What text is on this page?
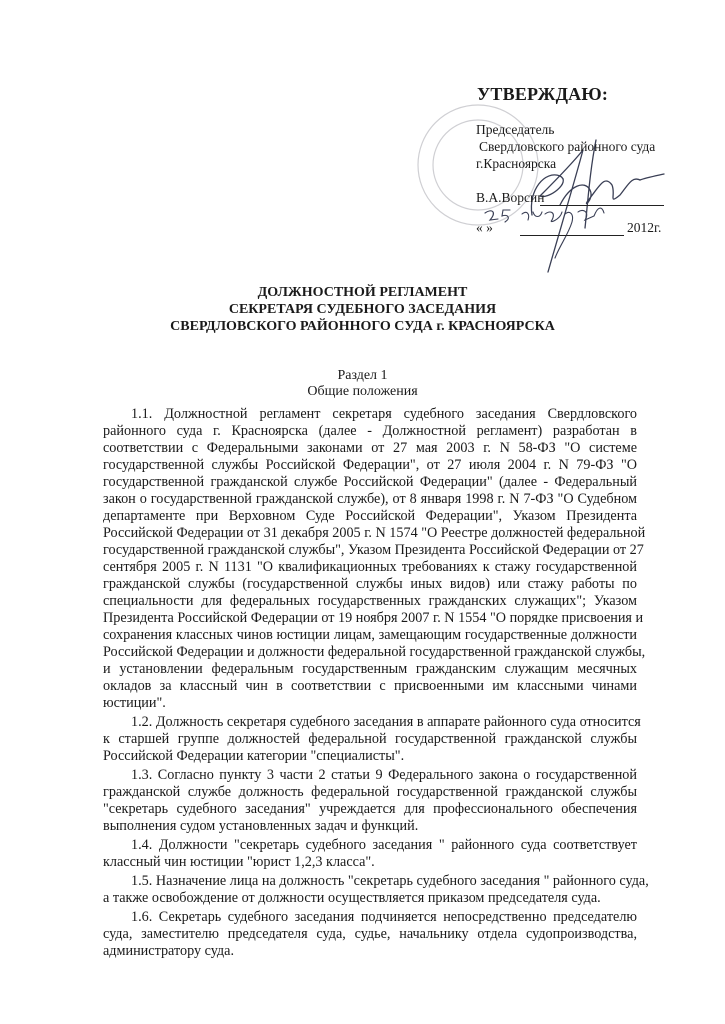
УТВЕРЖДАЮ:
Председатель
Свердловского районного суда
г.Красноярска
В.А.Ворсин
« »	2012г.
ДОЛЖНОСТНОЙ РЕГЛАМЕНТ
СЕКРЕТАРЯ СУДЕБНОГО ЗАСЕДАНИЯ
СВЕРДЛОВСКОГО РАЙОННОГО СУДА г. КРАСНОЯРСКА
Раздел 1
Общие положения
1.1. Должностной регламент секретаря судебного заседания Свердловского
районного суда г. Красноярска (далее - Должностной регламент) разработан в
соответствии с Федеральными законами от 27 мая 2003 г. N 58-ФЗ "О системе
государственной службы Российской Федерации", от 27 июля 2004 г. N 79-ФЗ "О
государственной гражданской службе Российской Федерации" (далее - Федеральный
закон о государственной гражданской службе), от 8 января 1998 г. N 7-ФЗ "О Судебном
департаменте при Верховном Суде Российской Федерации", Указом Президента
Российской Федерации от 31 декабря 2005 г. N 1574 "О Реестре должностей федеральной
государственной гражданской службы", Указом Президента Российской Федерации от 27
сентября 2005 г. N 1131 "О квалификационных требованиях к стажу государственной
гражданской службы (государственной службы иных видов) или стажу работы по
специальности для федеральных государственных гражданских служащих"; Указом
Президента Российской Федерации от 19 ноября 2007 г. N 1554 "О порядке присвоения и
сохранения классных чинов юстиции лицам, замещающим государственные должности
Российской Федерации и должности федеральной государственной гражданской службы,
и установлении федеральным государственным гражданским служащим месячных
окладов за классный чин в соответствии с присвоенными им классными чинами
юстиции".
1.2. Должность секретаря судебного заседания в аппарате районного суда относится
к старшей группе должностей федеральной государственной гражданской службы
Российской Федерации категории "специалисты".
1.3. Согласно пункту 3 части 2 статьи 9 Федерального закона о государственной
гражданской службе должность федеральной государственной гражданской службы
"секретарь судебного заседания" учреждается для профессионального обеспечения
выполнения судом установленных задач и функций.
1.4. Должности "секретарь судебного заседания " районного суда соответствует
классный чин юстиции "юрист 1,2,3 класса".
1.5. Назначение лица на должность "секретарь судебного заседания " районного суда,
а также освобождение от должности осуществляется приказом председателя суда.
1.6. Секретарь судебного заседания подчиняется непосредственно председателю
суда, заместителю председателя суда, судье, начальнику отдела судопроизводства,
администратору суда.
